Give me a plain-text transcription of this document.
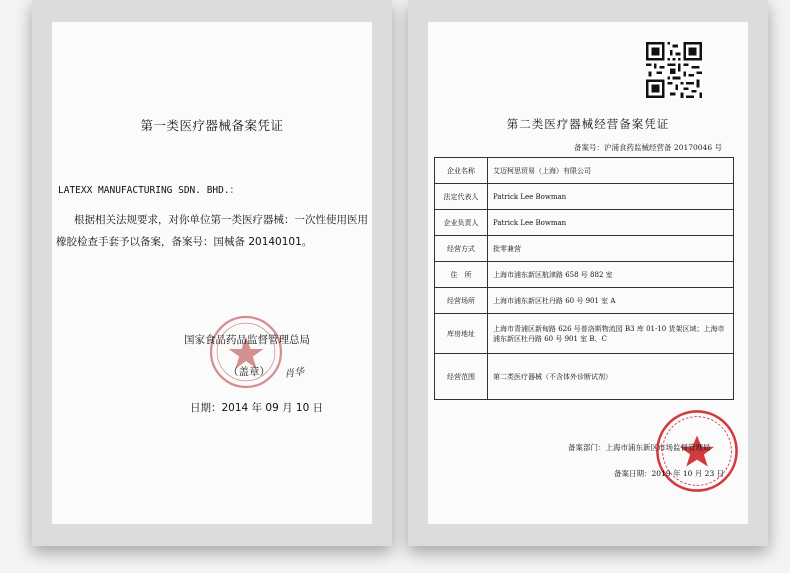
第一类医疗器械备案凭证
LATEXX MANUFACTURING SDN. BHD.：
根据相关法规要求，对你单位第一类医疗器械：一次性使用医用橡胶检查手套予以备案，备案号：国械备 20140101。
国家食品药品监督管理总局
（盖章） 肖华
日期：2014 年 09 月 10 日
第二类医疗器械经营备案凭证
备案号：沪浦食药监械经营备 20170046 号
企业名称	艾迈柯思贸易（上海）有限公司
法定代表人	Patrick Lee Bowman
企业负责人	Patrick Lee Bowman
经营方式	批零兼营
住　所	上海市浦东新区航津路 658 号 882 室
经营场所	上海市浦东新区杜丹路 60 号 901 室 A
库房地址	上海市青浦区新甸路 626 号普洛斯物流园 B3 库 01-10 货架区域；上海市浦东新区杜丹路 60 号 901 室 B、C
经营范围	第二类医疗器械（不含体外诊断试剂）
备案部门：上海市浦东新区市场监督管理局
备案日期：2019 年 10 月 23 日
